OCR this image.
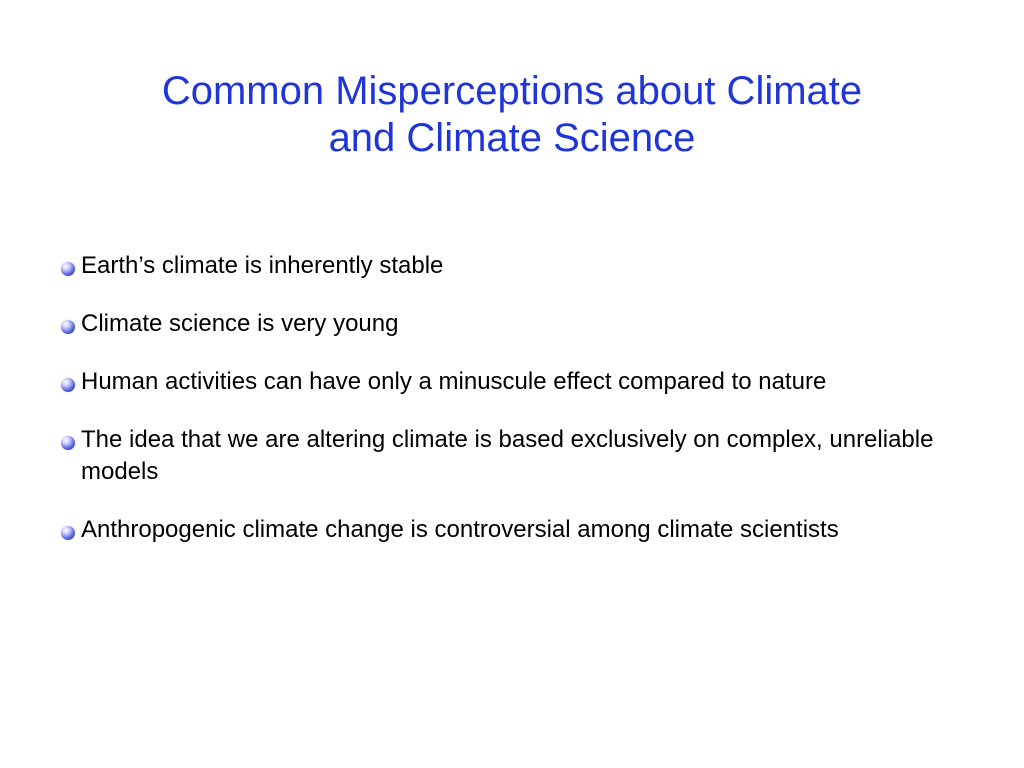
Common Misperceptions about Climate
and Climate Science
Earth’s climate is inherently stable
Climate science is very young
Human activities can have only a minuscule effect compared to nature
The idea that we are altering climate is based exclusively on complex, unreliable models
Anthropogenic climate change is controversial among climate scientists
